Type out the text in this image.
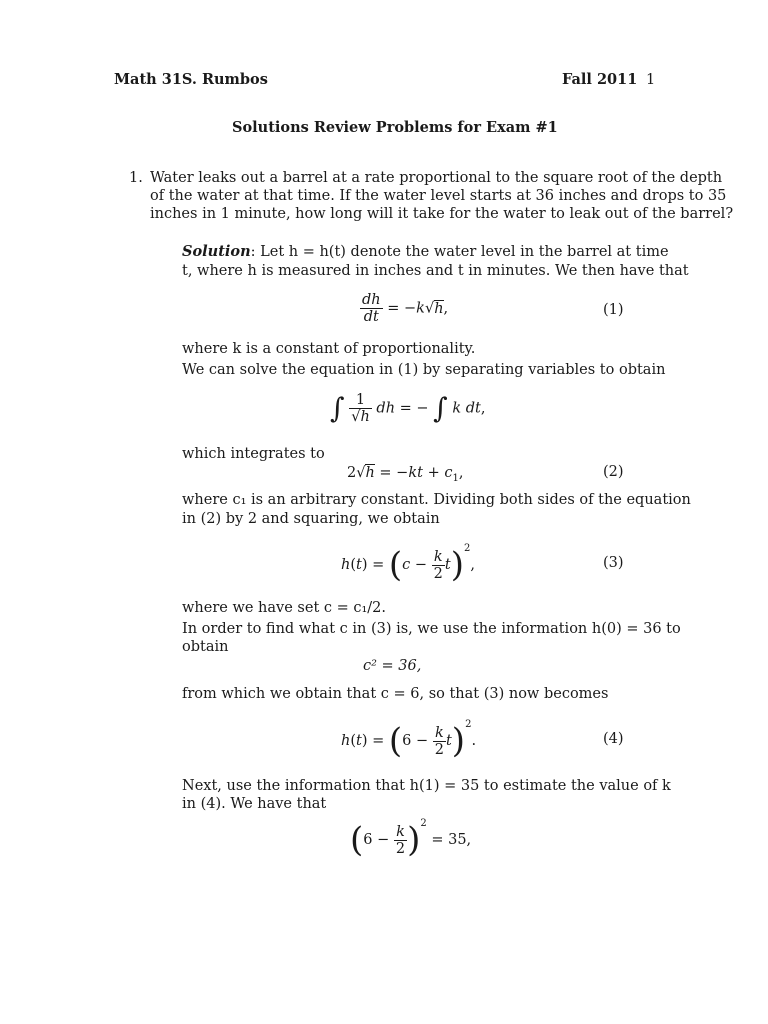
Math 31S. Rumbos	Fall 2011 1
Solutions Review Problems for Exam #1
1. Water leaks out a barrel at a rate proportional to the square root of the depth
of the water at that time. If the water level starts at 36 inches and drops to 35
inches in 1 minute, how long will it take for the water to leak out of the barrel?
Solution: Let h = h(t) denote the water level in the barrel at time
t, where h is measured in inches and t in minutes. We then have that
$\frac{dh}{dt} = -k√h$,	(1)
where k is a constant of proportionality.
We can solve the equation in (1) by separating variables to obtain
∫ $\frac{1}{√h}$ dh = − ∫ k dt,
which integrates to
$2√h = -kt + c_1$,	(2)
where c₁ is an arbitrary constant. Dividing both sides of the equation
in (2) by 2 and squaring, we obtain
$h(t) = (c - \frac{k}{2} t)^2$,	(3)
where we have set c = c₁/2.
In order to find what c in (3) is, we use the information h(0) = 36 to
obtain
c² = 36,
from which we obtain that c = 6, so that (3) now becomes
$h(t) = (6 - \frac{k}{2} t)^2$.	(4)
Next, use the information that h(1) = 35 to estimate the value of k
in (4). We have that
$(6 - \frac{k}{2} )^2 = 35$,
